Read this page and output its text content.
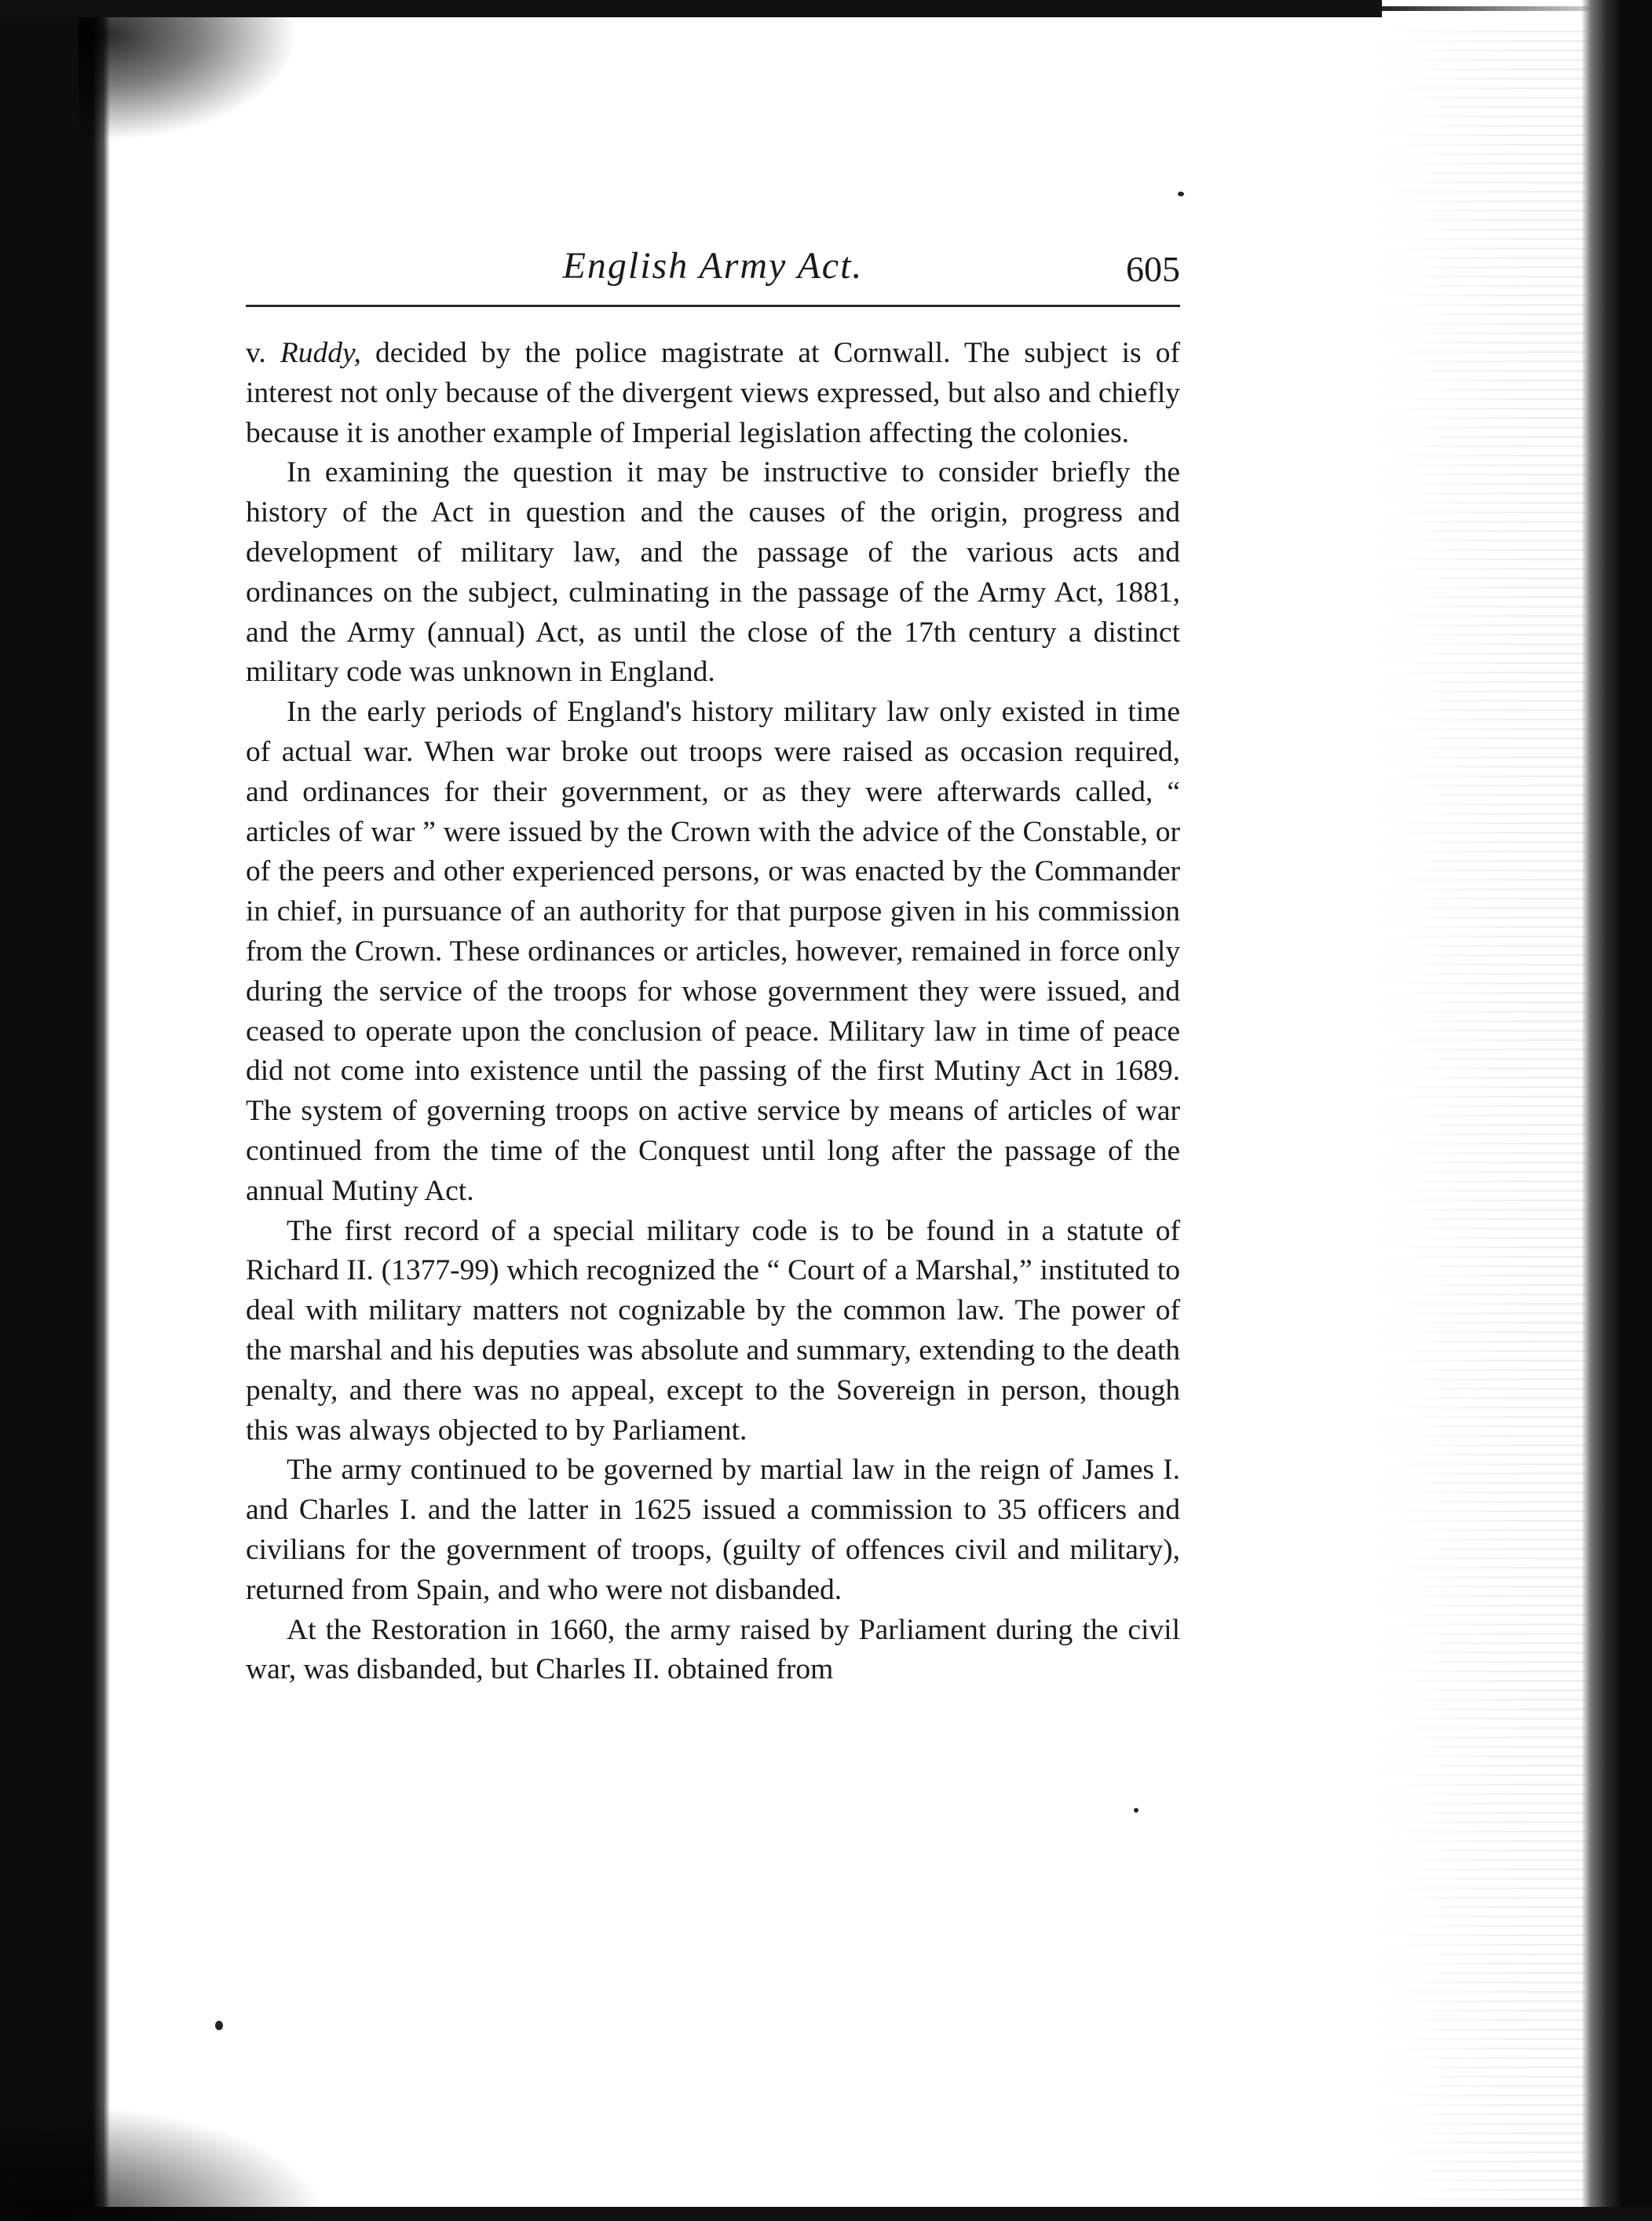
English Army Act.	605

v. Ruddy, decided by the police magistrate at Cornwall. The subject is of interest not only because of the divergent views expressed, but also and chiefly because it is another example of Imperial legislation affecting the colonies.

In examining the question it may be instructive to consider briefly the history of the Act in question and the causes of the origin, progress and development of military law, and the passage of the various acts and ordinances on the subject, culminating in the passage of the Army Act, 1881, and the Army (annual) Act, as until the close of the 17th century a distinct military code was unknown in England.

In the early periods of England's history military law only existed in time of actual war. When war broke out troops were raised as occasion required, and ordinances for their government, or as they were afterwards called, “ articles of war ” were issued by the Crown with the advice of the Constable, or of the peers and other experienced persons, or was enacted by the Commander in chief, in pursuance of an authority for that purpose given in his commission from the Crown. These ordinances or articles, however, remained in force only during the service of the troops for whose government they were issued, and ceased to operate upon the conclusion of peace. Military law in time of peace did not come into existence until the passing of the first Mutiny Act in 1689. The system of governing troops on active service by means of articles of war continued from the time of the Conquest until long after the passage of the annual Mutiny Act.

The first record of a special military code is to be found in a statute of Richard II. (1377-99) which recognized the “ Court of a Marshal,” instituted to deal with military matters not cognizable by the common law. The power of the marshal and his deputies was absolute and summary, extending to the death penalty, and there was no appeal, except to the Sovereign in person, though this was always objected to by Parliament.

The army continued to be governed by martial law in the reign of James I. and Charles I. and the latter in 1625 issued a commission to 35 officers and civilians for the government of troops, (guilty of offences civil and military), returned from Spain, and who were not disbanded.

At the Restoration in 1660, the army raised by Parliament during the civil war, was disbanded, but Charles II. obtained from
